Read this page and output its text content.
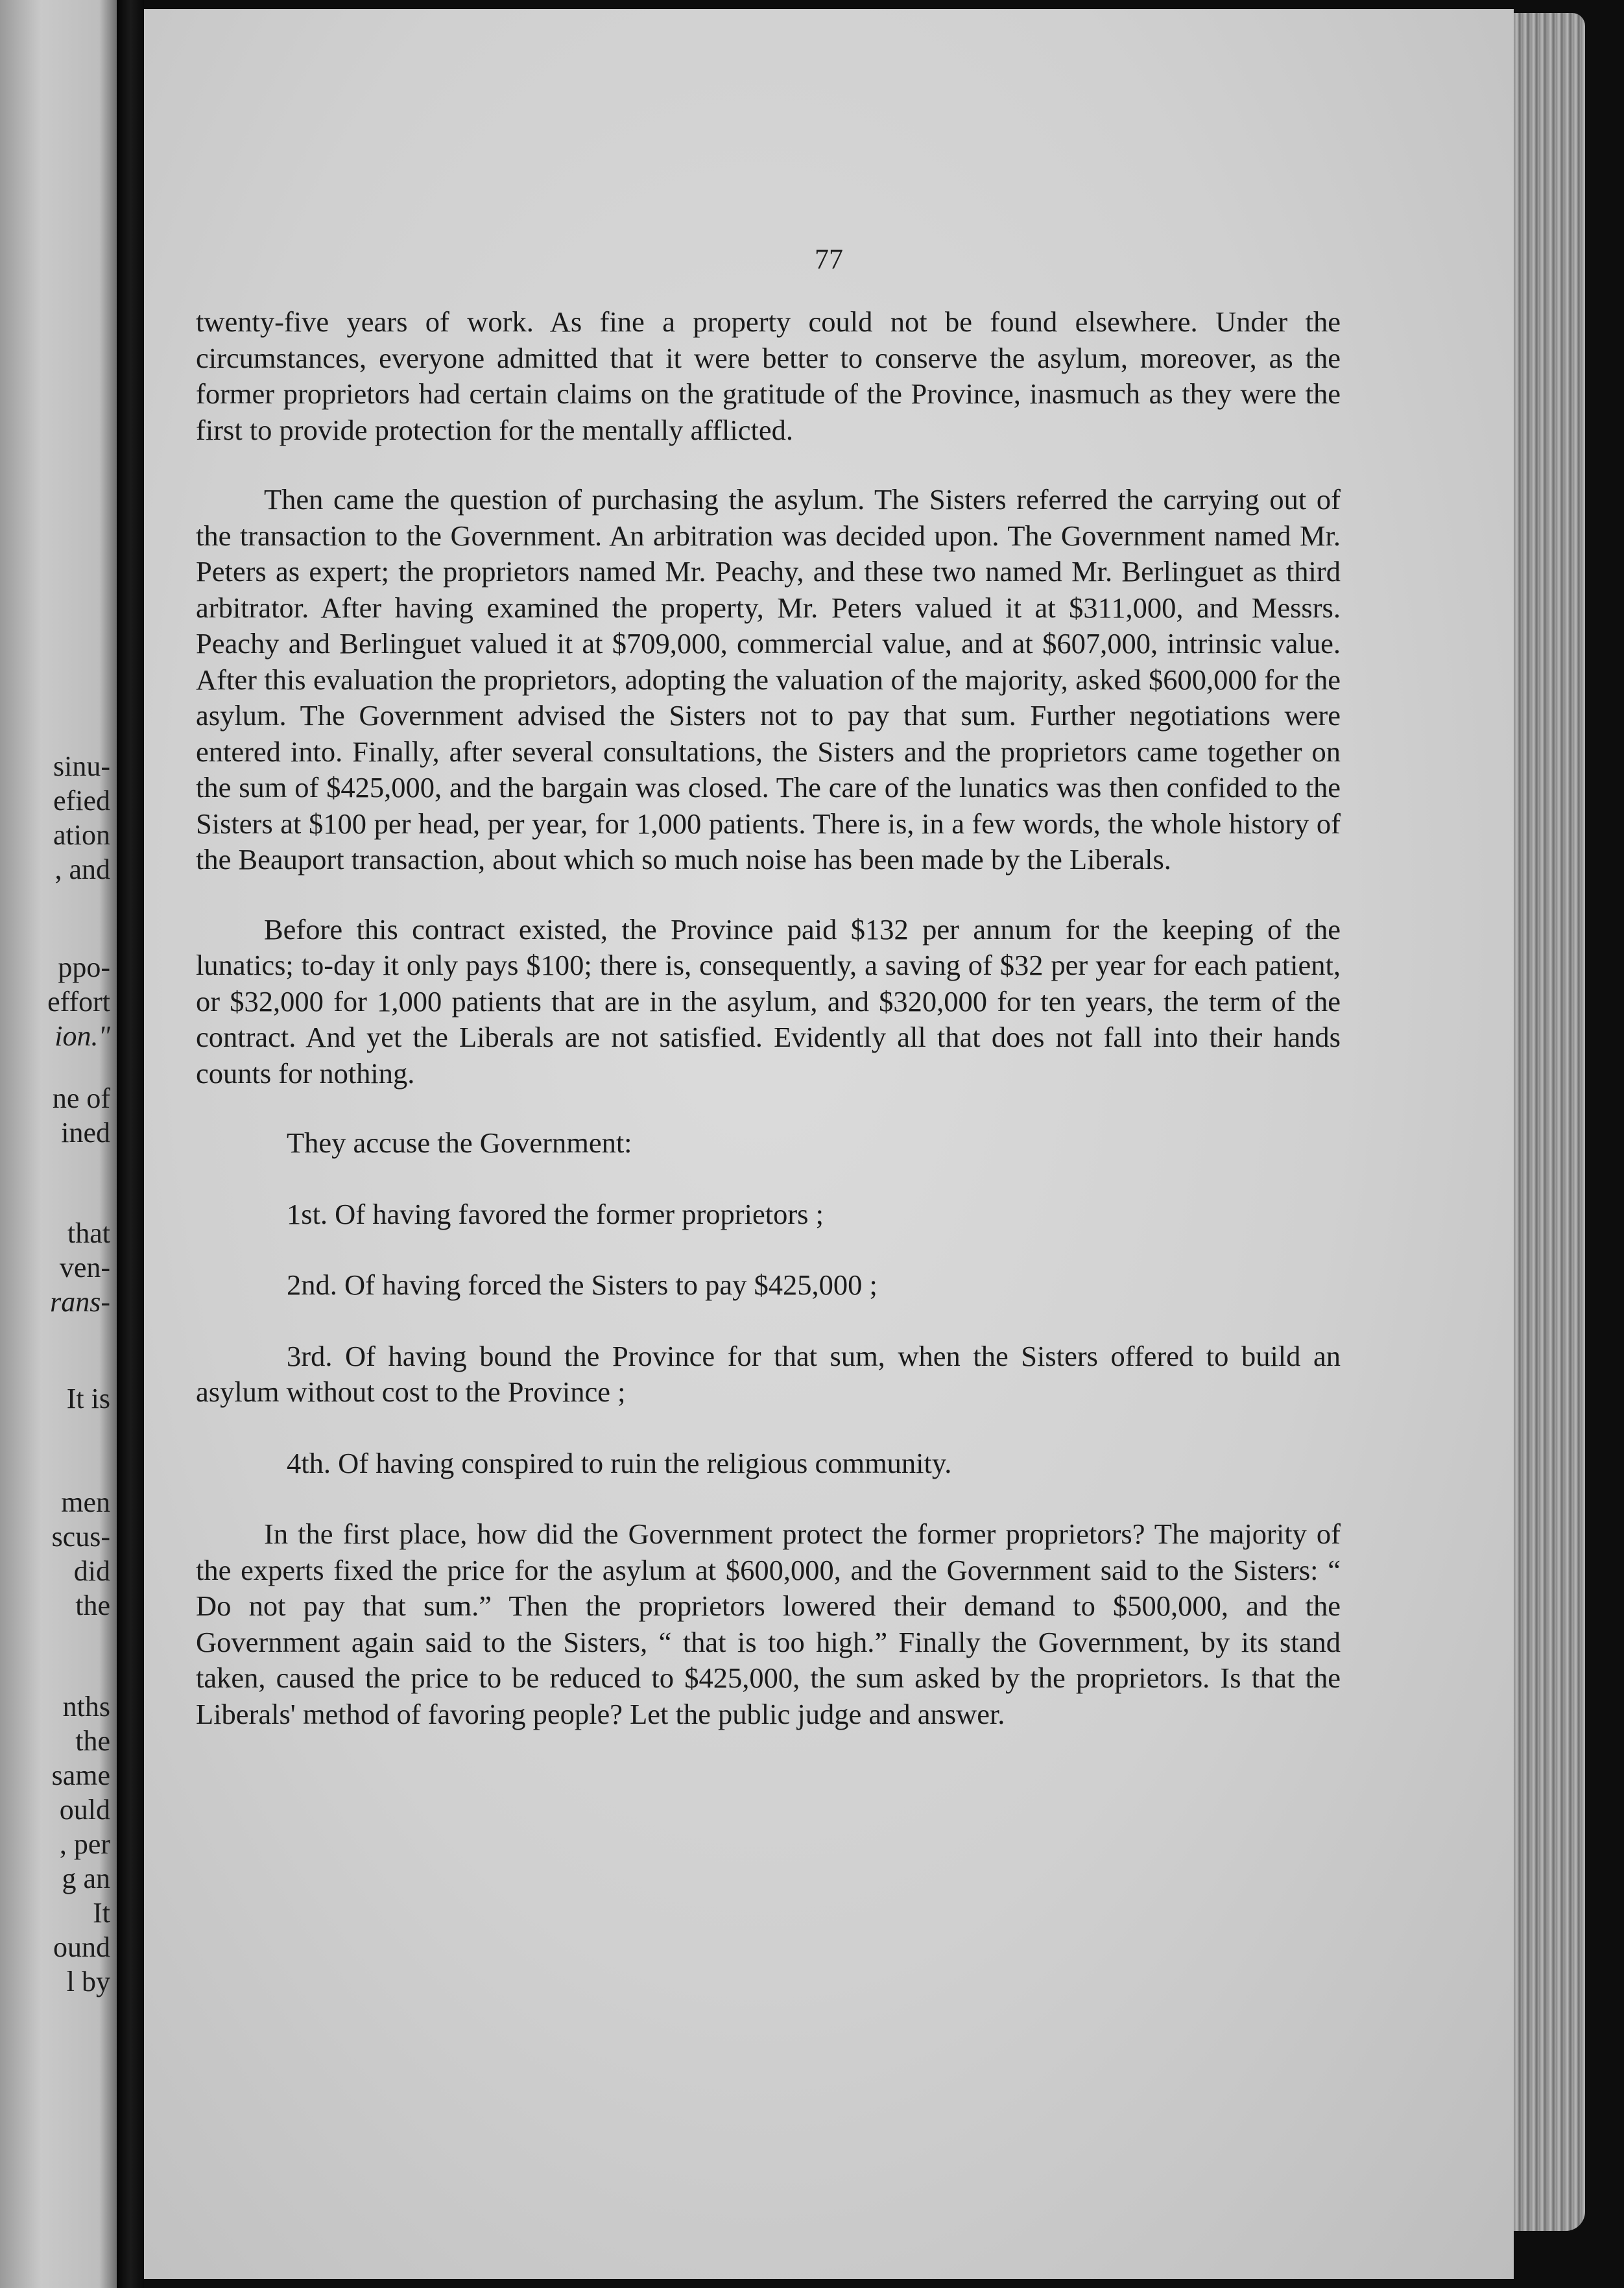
sinu-

efied

ation

, and

ppo-

effort

ion."

ne of

ined

that

ven-

rans-

It is

men

scus-

did

the

nths

the

same

ould

, per

g an

It

ound

l by

77

twenty-five years of work. As fine a property could not be found elsewhere. Under the circumstances, everyone admitted that it were better to conserve the asylum, moreover, as the former proprietors had certain claims on the gratitude of the Province, inasmuch as they were the first to provide protection for the mentally afflicted.

Then came the question of purchasing the asylum. The Sisters referred the carrying out of the transaction to the Government. An arbitration was decided upon. The Government named Mr. Peters as expert; the proprietors named Mr. Peachy, and these two named Mr. Berlinguet as third arbitrator. After having examined the property, Mr. Peters valued it at $311,000, and Messrs. Peachy and Berlinguet valued it at $709,000, commercial value, and at $607,000, intrinsic value. After this evaluation the proprietors, adopting the valuation of the majority, asked $600,000 for the asylum. The Government advised the Sisters not to pay that sum. Further negotiations were entered into. Finally, after several consultations, the Sisters and the proprietors came together on the sum of $425,000, and the bargain was closed. The care of the lunatics was then confided to the Sisters at $100 per head, per year, for 1,000 patients. There is, in a few words, the whole history of the Beauport transaction, about which so much noise has been made by the Liberals.

Before this contract existed, the Province paid $132 per annum for the keeping of the lunatics; to-day it only pays $100; there is, consequently, a saving of $32 per year for each patient, or $32,000 for 1,000 patients that are in the asylum, and $320,000 for ten years, the term of the contract. And yet the Liberals are not satisfied. Evidently all that does not fall into their hands counts for nothing.

They accuse the Government:

1st. Of having favored the former proprietors ;

2nd. Of having forced the Sisters to pay $425,000 ;

3rd. Of having bound the Province for that sum, when the Sisters offered to build an asylum without cost to the Province ;

4th. Of having conspired to ruin the religious community.

In the first place, how did the Government protect the former proprietors? The majority of the experts fixed the price for the asylum at $600,000, and the Government said to the Sisters: “ Do not pay that sum.” Then the proprietors lowered their demand to $500,000, and the Government again said to the Sisters, “ that is too high.” Finally the Government, by its stand taken, caused the price to be reduced to $425,000, the sum asked by the proprietors. Is that the Liberals' method of favoring people? Let the public judge and answer.
